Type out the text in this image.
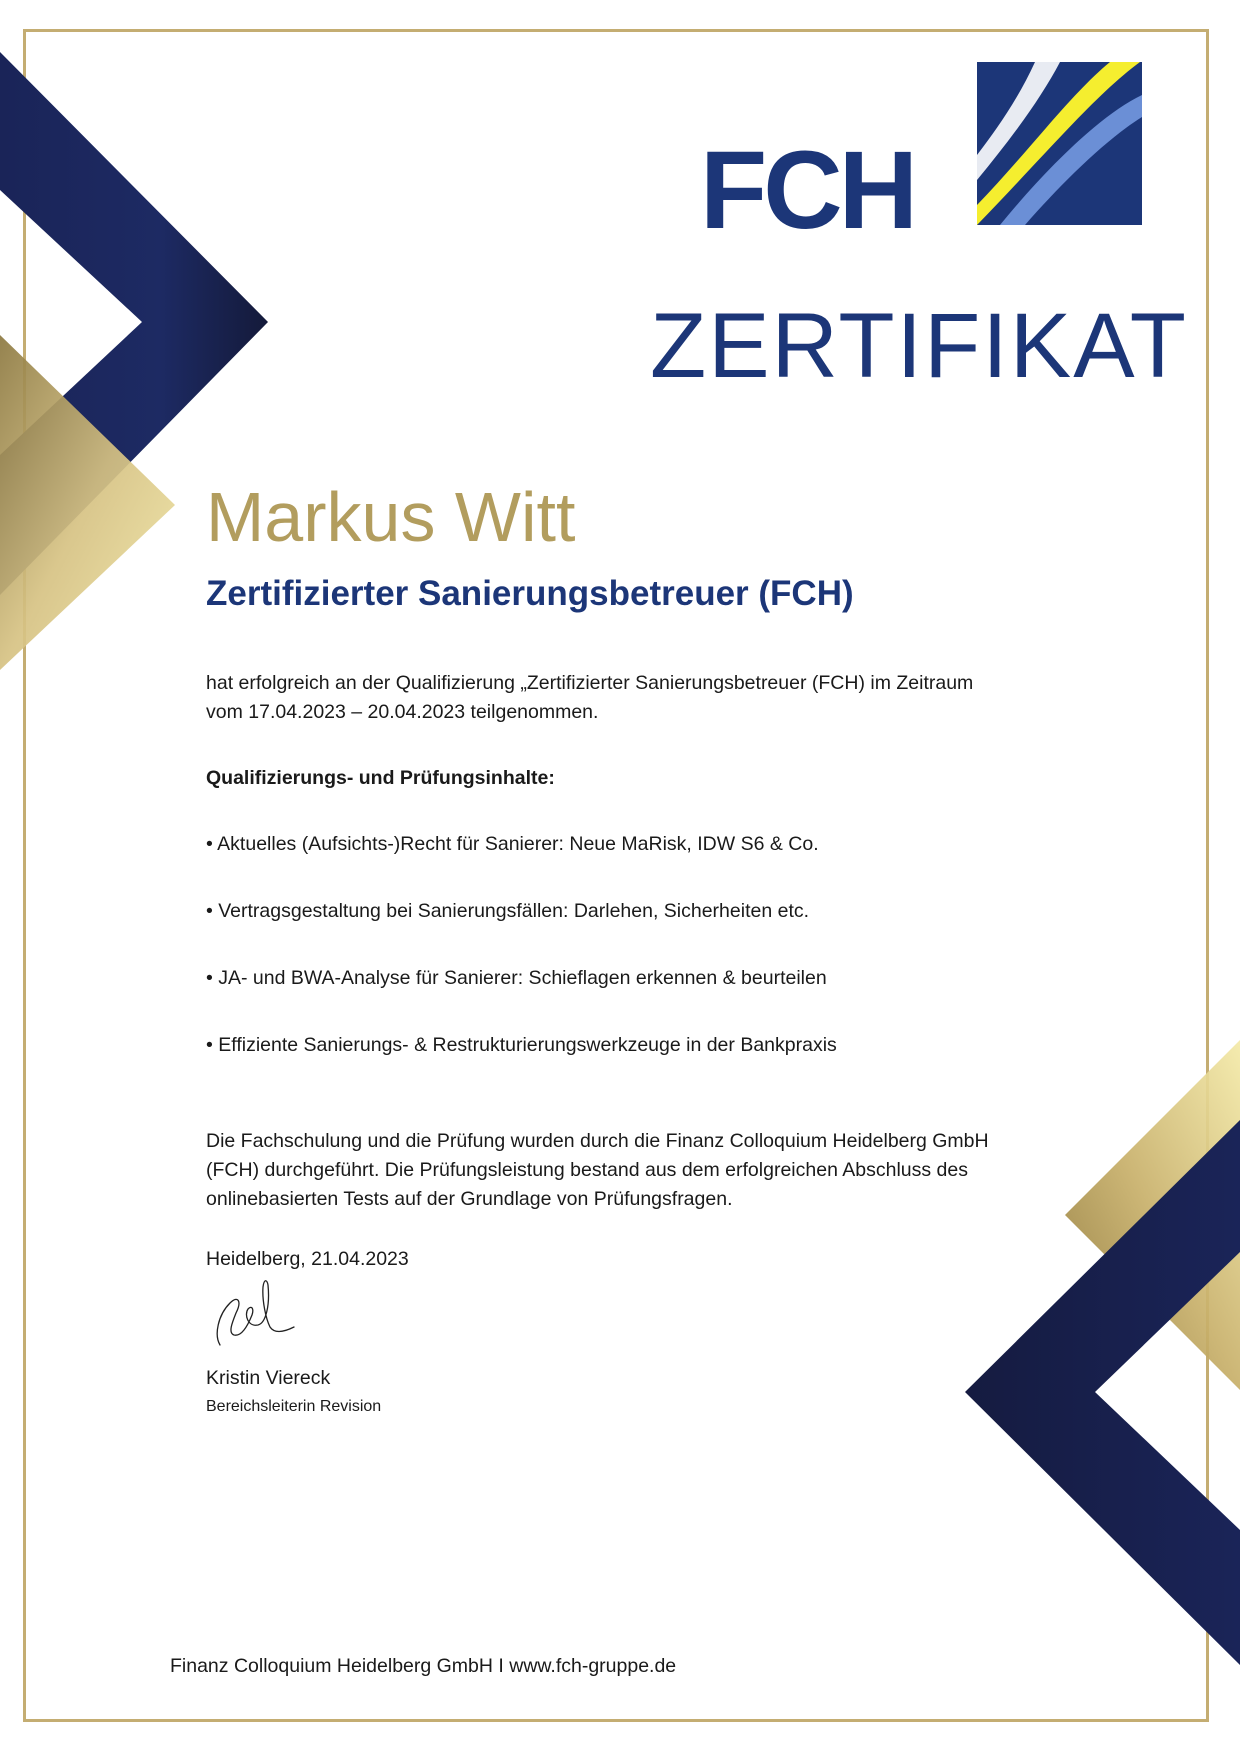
FCH
ZERTIFIKAT
Markus Witt
Zertifizierter Sanierungsbetreuer (FCH)
hat erfolgreich an der Qualifizierung „Zertifizierter Sanierungsbetreuer (FCH) im Zeitraum
vom 17.04.2023 – 20.04.2023 teilgenommen.
Qualifizierungs- und Prüfungsinhalte:
• Aktuelles (Aufsichts-)Recht für Sanierer: Neue MaRisk, IDW S6 & Co.
• Vertragsgestaltung bei Sanierungsfällen: Darlehen, Sicherheiten etc.
• JA- und BWA-Analyse für Sanierer: Schieflagen erkennen & beurteilen
• Effiziente Sanierungs- & Restrukturierungswerkzeuge in der Bankpraxis
Die Fachschulung und die Prüfung wurden durch die Finanz Colloquium Heidelberg GmbH
(FCH) durchgeführt. Die Prüfungsleistung bestand aus dem erfolgreichen Abschluss des
onlinebasierten Tests auf der Grundlage von Prüfungsfragen.
Heidelberg, 21.04.2023
Kristin Viereck
Bereichsleiterin Revision
Finanz Colloquium Heidelberg GmbH I www.fch-gruppe.de
